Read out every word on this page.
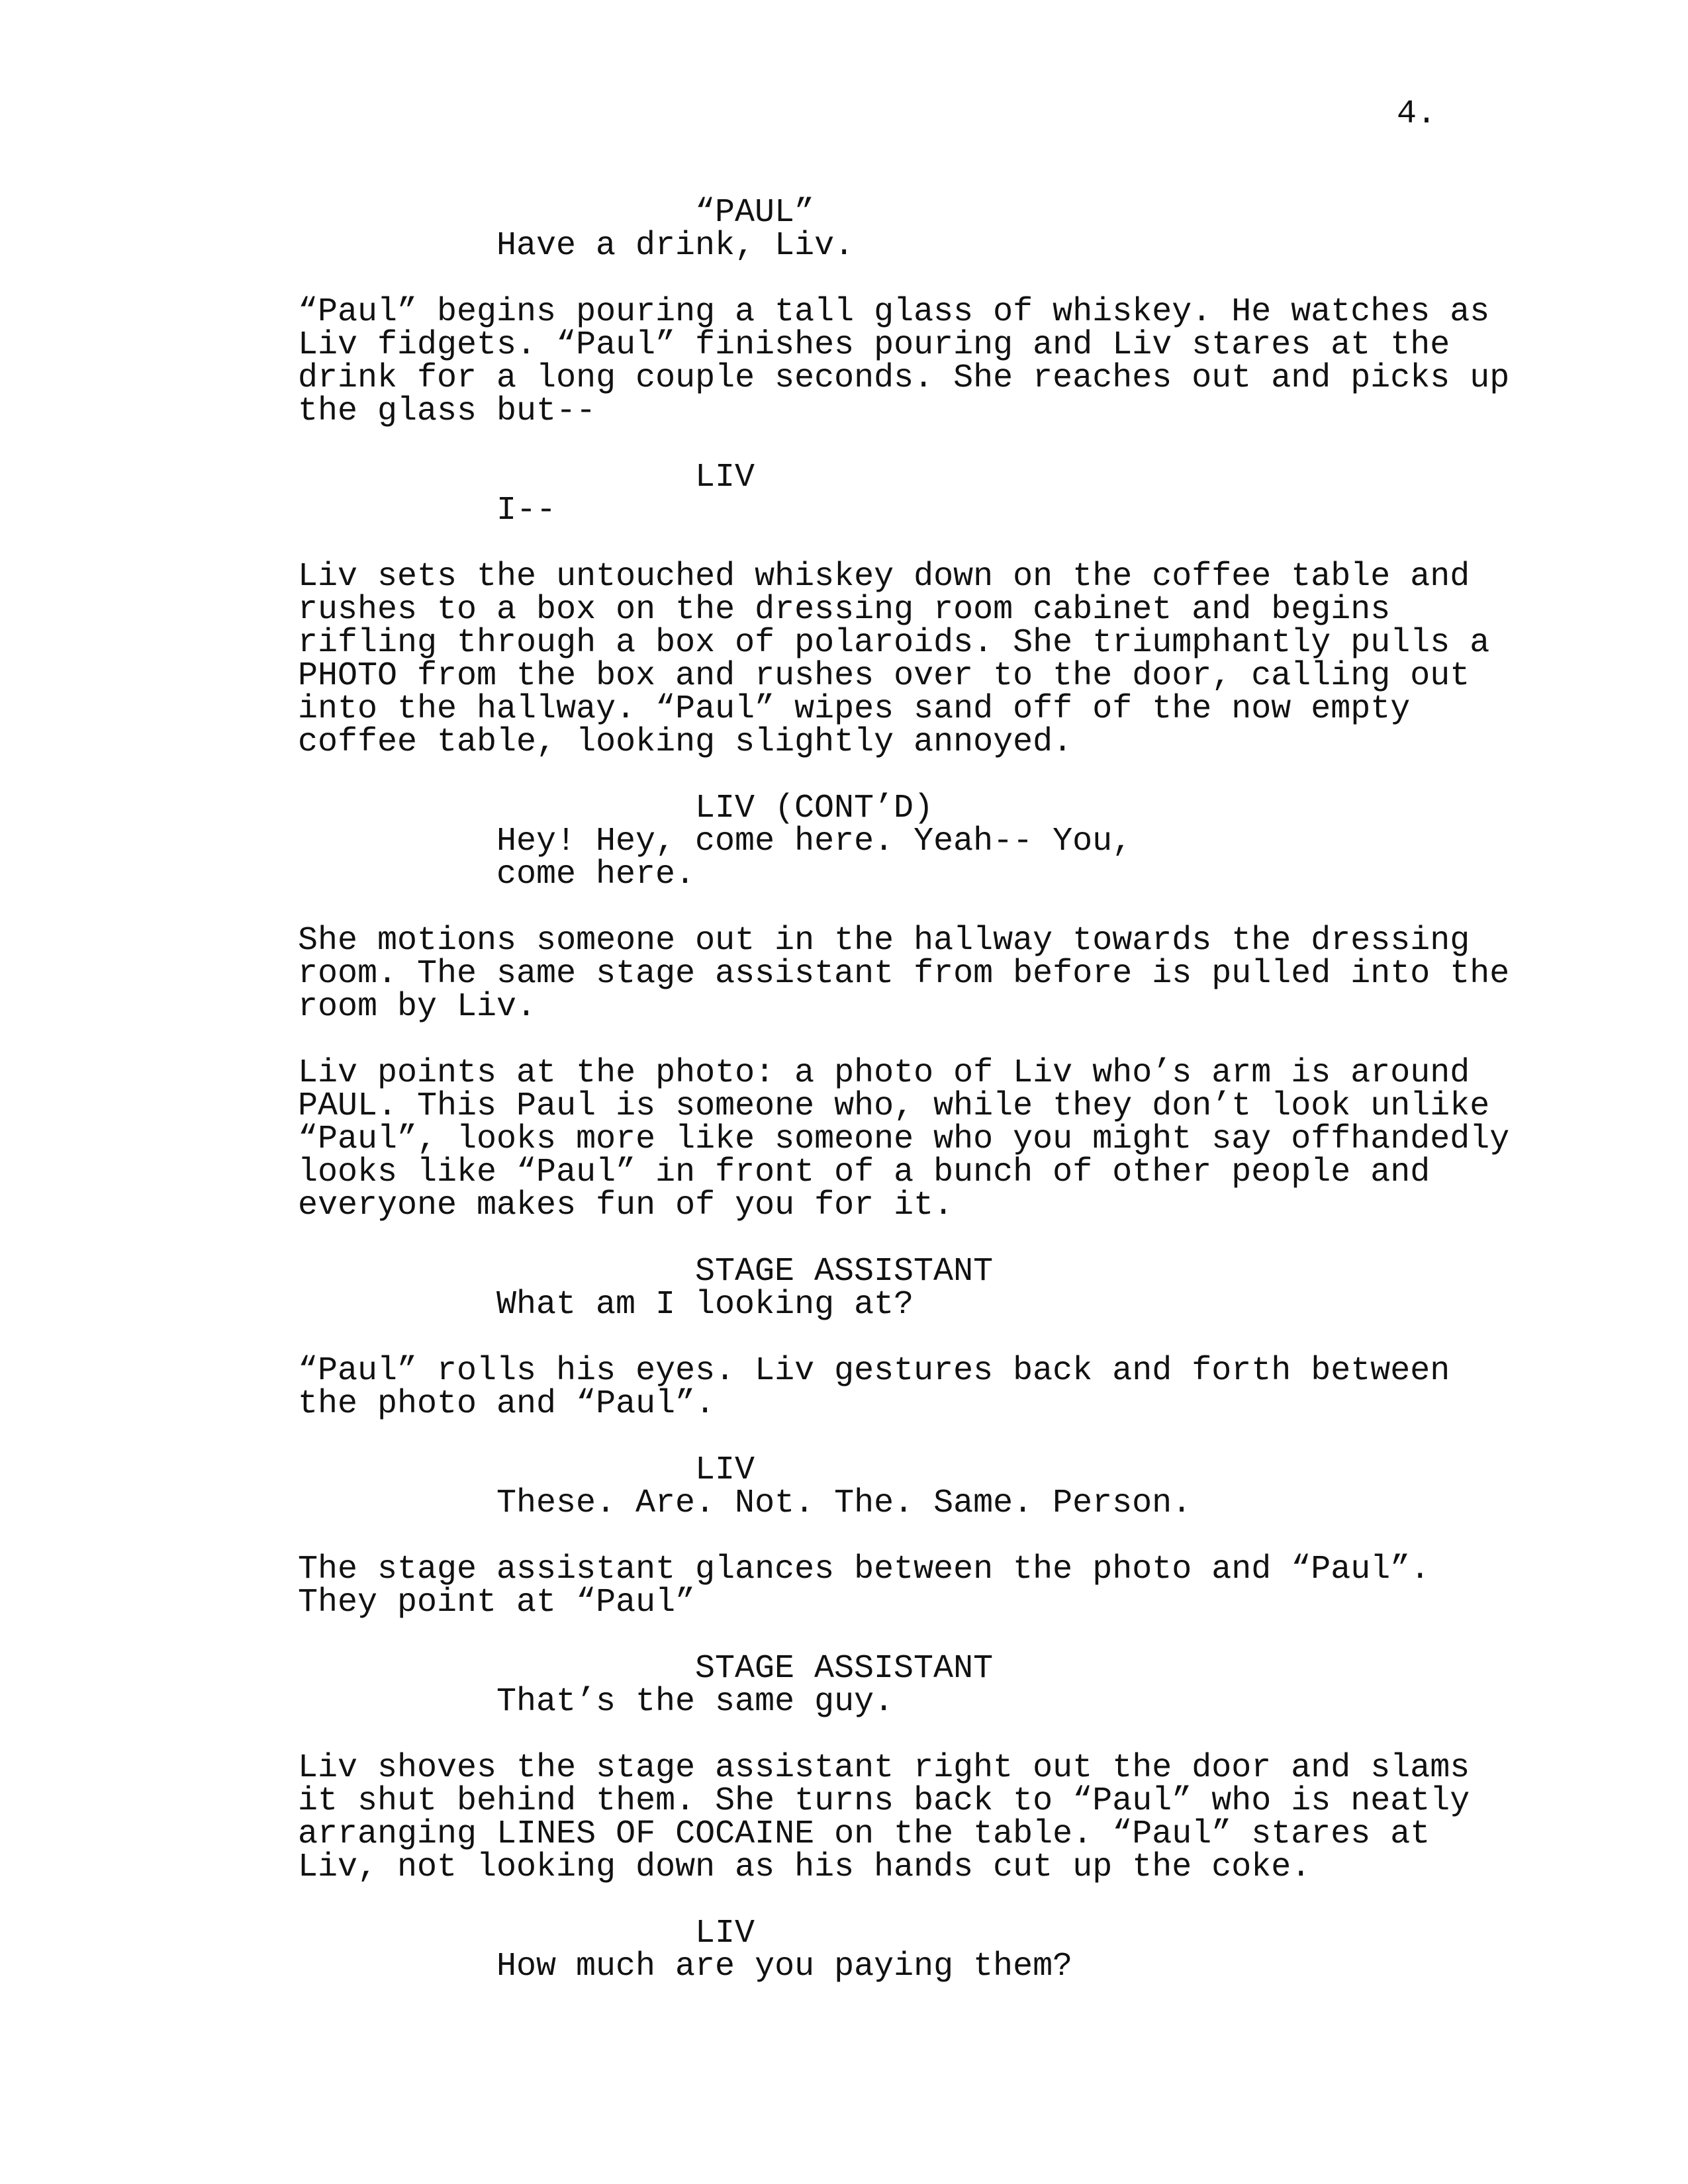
4.
“PAUL”
Have a drink, Liv.
“Paul” begins pouring a tall glass of whiskey. He watches as
Liv fidgets. “Paul” finishes pouring and Liv stares at the
drink for a long couple seconds. She reaches out and picks up
the glass but--
LIV
I--
Liv sets the untouched whiskey down on the coffee table and
rushes to a box on the dressing room cabinet and begins
rifling through a box of polaroids. She triumphantly pulls a
PHOTO from the box and rushes over to the door, calling out
into the hallway. “Paul” wipes sand off of the now empty
coffee table, looking slightly annoyed.
LIV (CONT’D)
Hey! Hey, come here. Yeah-- You,
come here.
She motions someone out in the hallway towards the dressing
room. The same stage assistant from before is pulled into the
room by Liv.
Liv points at the photo: a photo of Liv who’s arm is around
PAUL. This Paul is someone who, while they don’t look unlike
“Paul”, looks more like someone who you might say offhandedly
looks like “Paul” in front of a bunch of other people and
everyone makes fun of you for it.
STAGE ASSISTANT
What am I looking at?
“Paul” rolls his eyes. Liv gestures back and forth between
the photo and “Paul”.
LIV
These. Are. Not. The. Same. Person.
The stage assistant glances between the photo and “Paul”.
They point at “Paul”
STAGE ASSISTANT
That’s the same guy.
Liv shoves the stage assistant right out the door and slams
it shut behind them. She turns back to “Paul” who is neatly
arranging LINES OF COCAINE on the table. “Paul” stares at
Liv, not looking down as his hands cut up the coke.
LIV
How much are you paying them?
